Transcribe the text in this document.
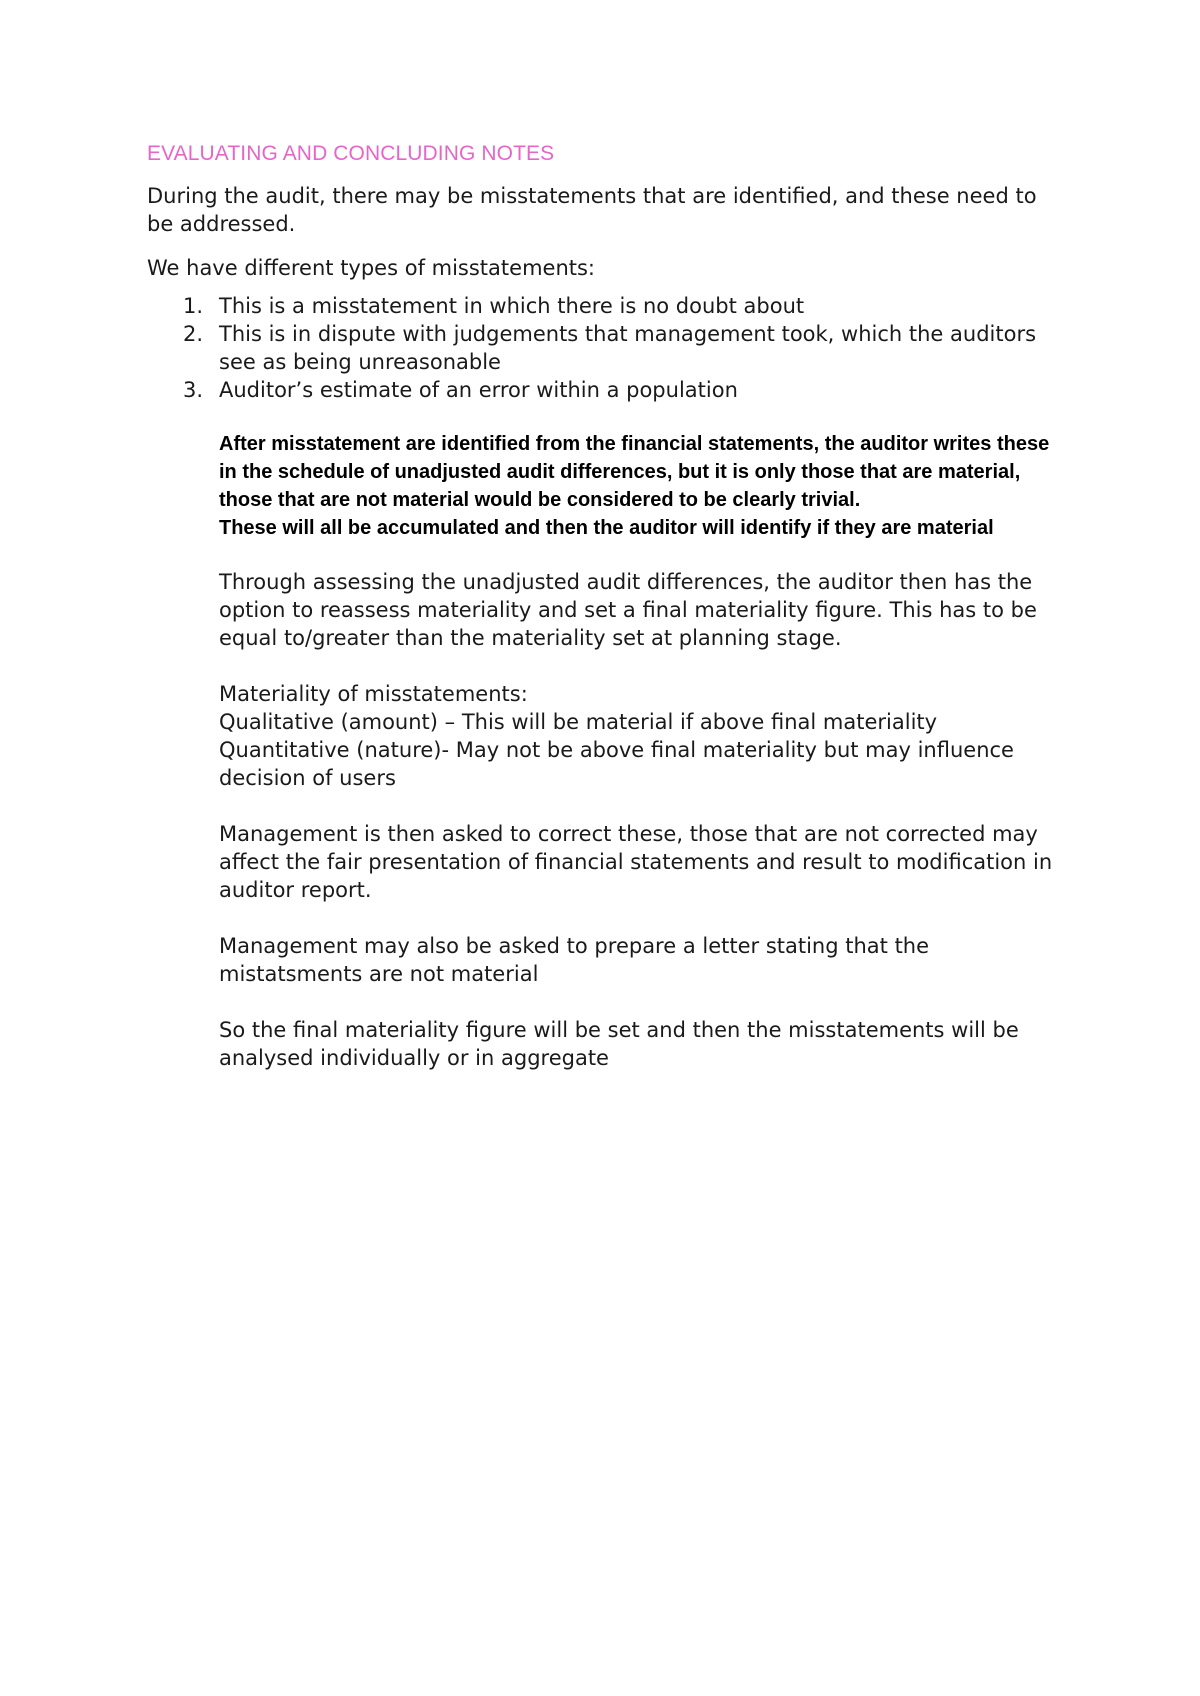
EVALUATING AND CONCLUDING NOTES

During the audit, there may be misstatements that are identified, and these need to be addressed.

We have different types of misstatements:

1. This is a misstatement in which there is no doubt about
2. This is in dispute with judgements that management took, which the auditors see as being unreasonable
3. Auditor’s estimate of an error within a population
After misstatement are identified from the financial statements, the auditor writes these in the schedule of unadjusted audit differences, but it is only those that are material, those that are not material would be considered to be clearly trivial.
These will all be accumulated and then the auditor will identify if they are material
Through assessing the unadjusted audit differences, the auditor then has the option to reassess materiality and set a final materiality figure. This has to be equal to/greater than the materiality set at planning stage.
Materiality of misstatements:
Qualitative (amount) – This will be material if above final materiality
Quantitative (nature)- May not be above final materiality but may influence decision of users
Management is then asked to correct these, those that are not corrected may affect the fair presentation of financial statements and result to modification in auditor report.
Management may also be asked to prepare a letter stating that the mistatsments are not material
So the final materiality figure will be set and then the misstatements will be analysed individually or in aggregate
